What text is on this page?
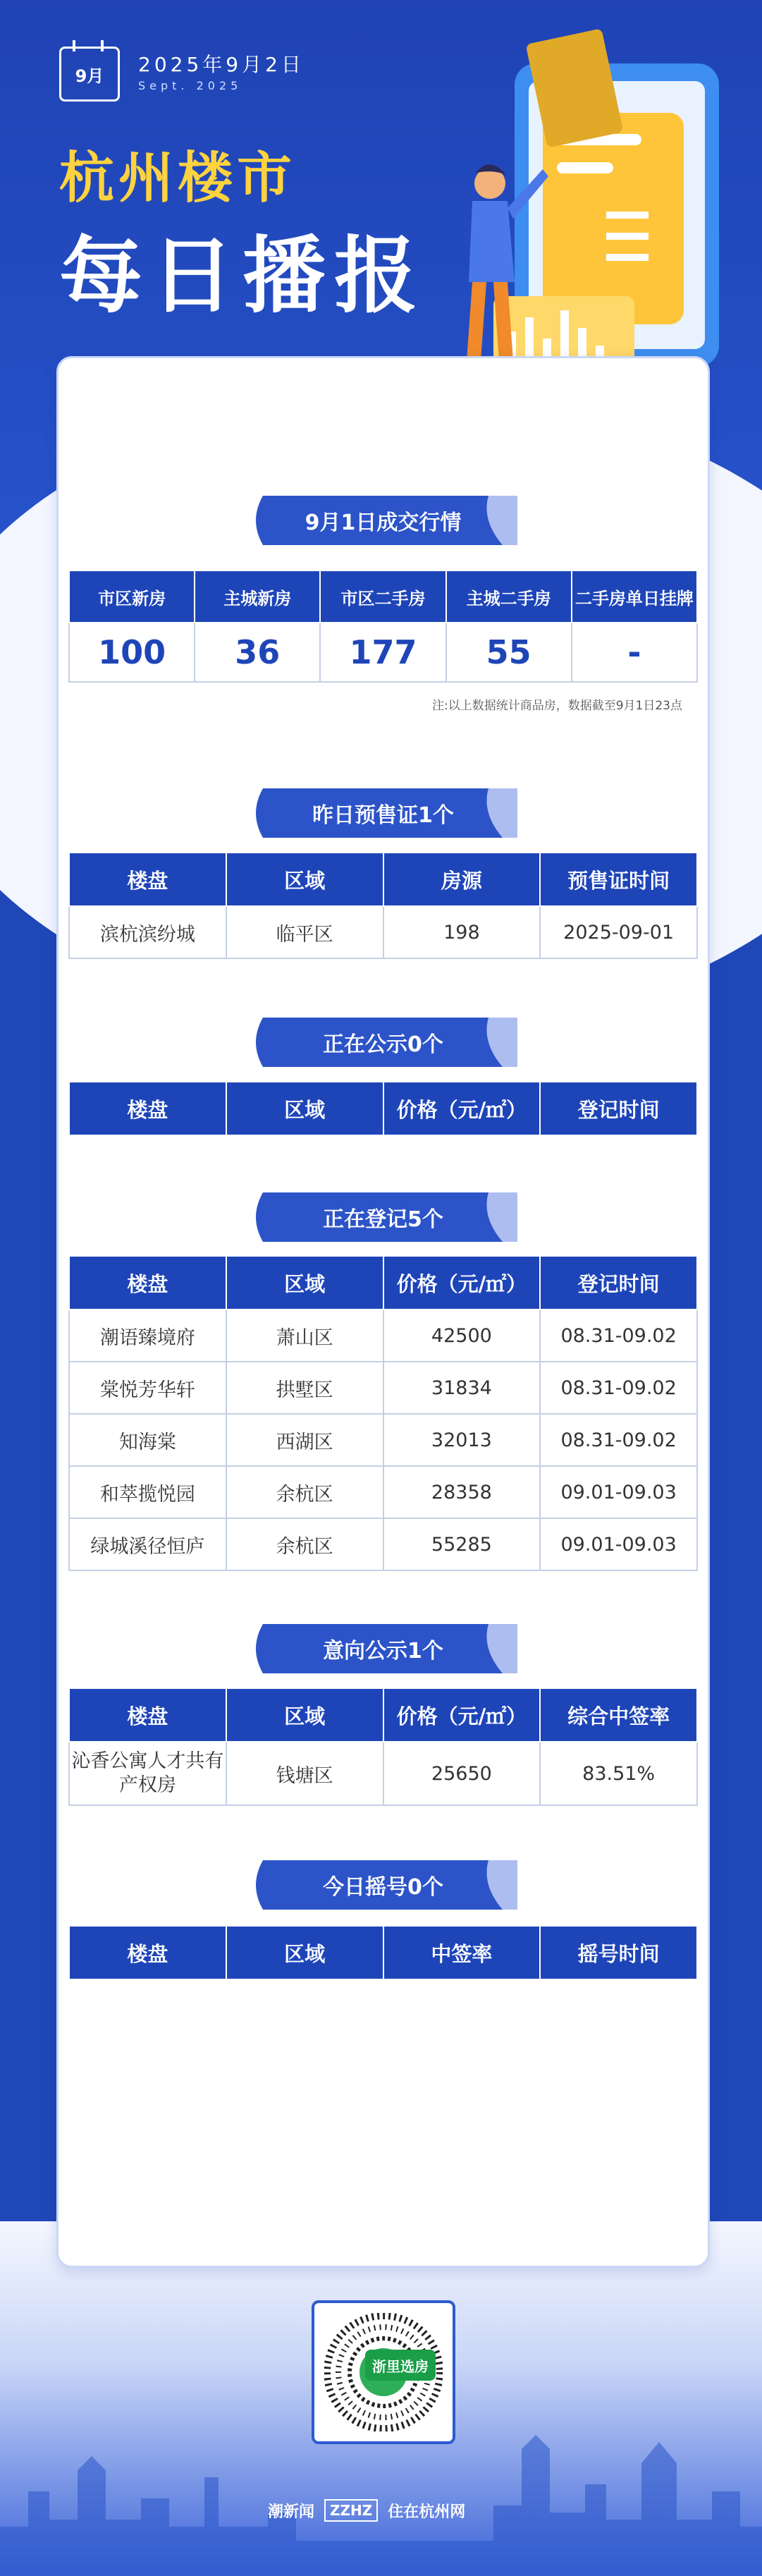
9月 2025年9月2日
Sept. 2025
杭州楼市
每日播报
9月1日成交行情
市区新房	主城新房	市区二手房	主城二手房	二手房单日挂牌
100	36	177	55	-
注:以上数据统计商品房，数据截至9月1日23点
昨日预售证1个
楼盘	区域	房源	预售证时间
滨杭滨纷城	临平区	198	2025-09-01
正在公示0个
楼盘	区域	价格（元/㎡）	登记时间
正在登记5个
楼盘	区域	价格（元/㎡）	登记时间
潮语臻境府	萧山区	42500	08.31-09.02
棠悦芳华轩	拱墅区	31834	08.31-09.02
知海棠	西湖区	32013	08.31-09.02
和萃揽悦园	余杭区	28358	09.01-09.03
绿城溪径恒庐	余杭区	55285	09.01-09.03
意向公示1个
楼盘	区域	价格（元/㎡）	综合中签率
沁香公寓人才共有产权房	钱塘区	25650	83.51%
今日摇号0个
楼盘	区域	中签率	摇号时间
浙里选房
潮新闻	ZZHZ	住在杭州网
